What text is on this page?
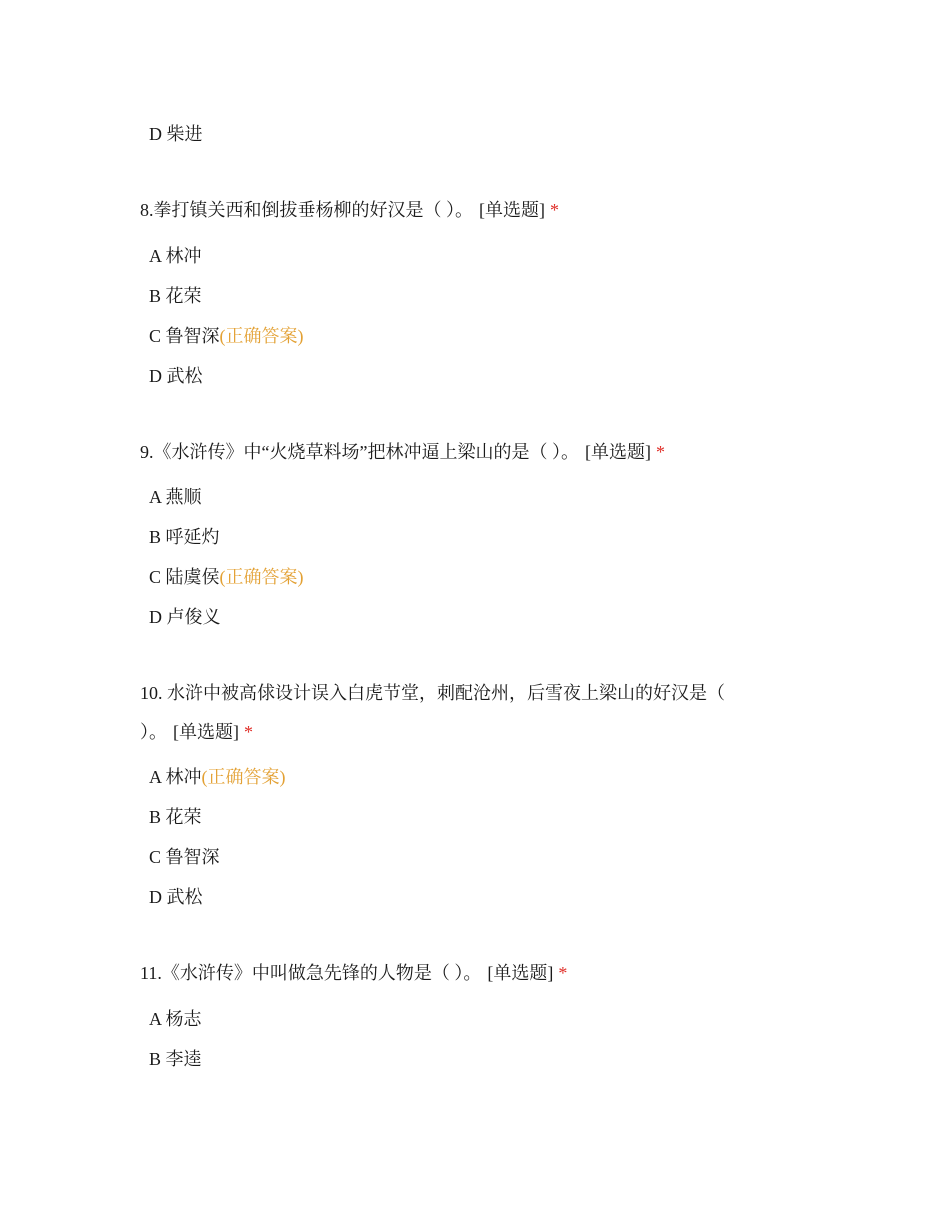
D 柴进
8.拳打镇关西和倒拔垂杨柳的好汉是（ ）。 [单选题] *
A 林冲
B 花荣
C 鲁智深(正确答案)
D 武松
9.《水浒传》中“火烧草料场”把林冲逼上梁山的是（ ）。 [单选题] *
A 燕顺
B 呼延灼
C 陆虞侯(正确答案)
D 卢俊义
10. 水浒中被高俅设计误入白虎节堂，刺配沧州，后雪夜上梁山的好汉是（
）。 [单选题] *
A 林冲(正确答案)
B 花荣
C 鲁智深
D 武松
11.《水浒传》中叫做急先锋的人物是（ ）。 [单选题] *
A 杨志
B 李逵
